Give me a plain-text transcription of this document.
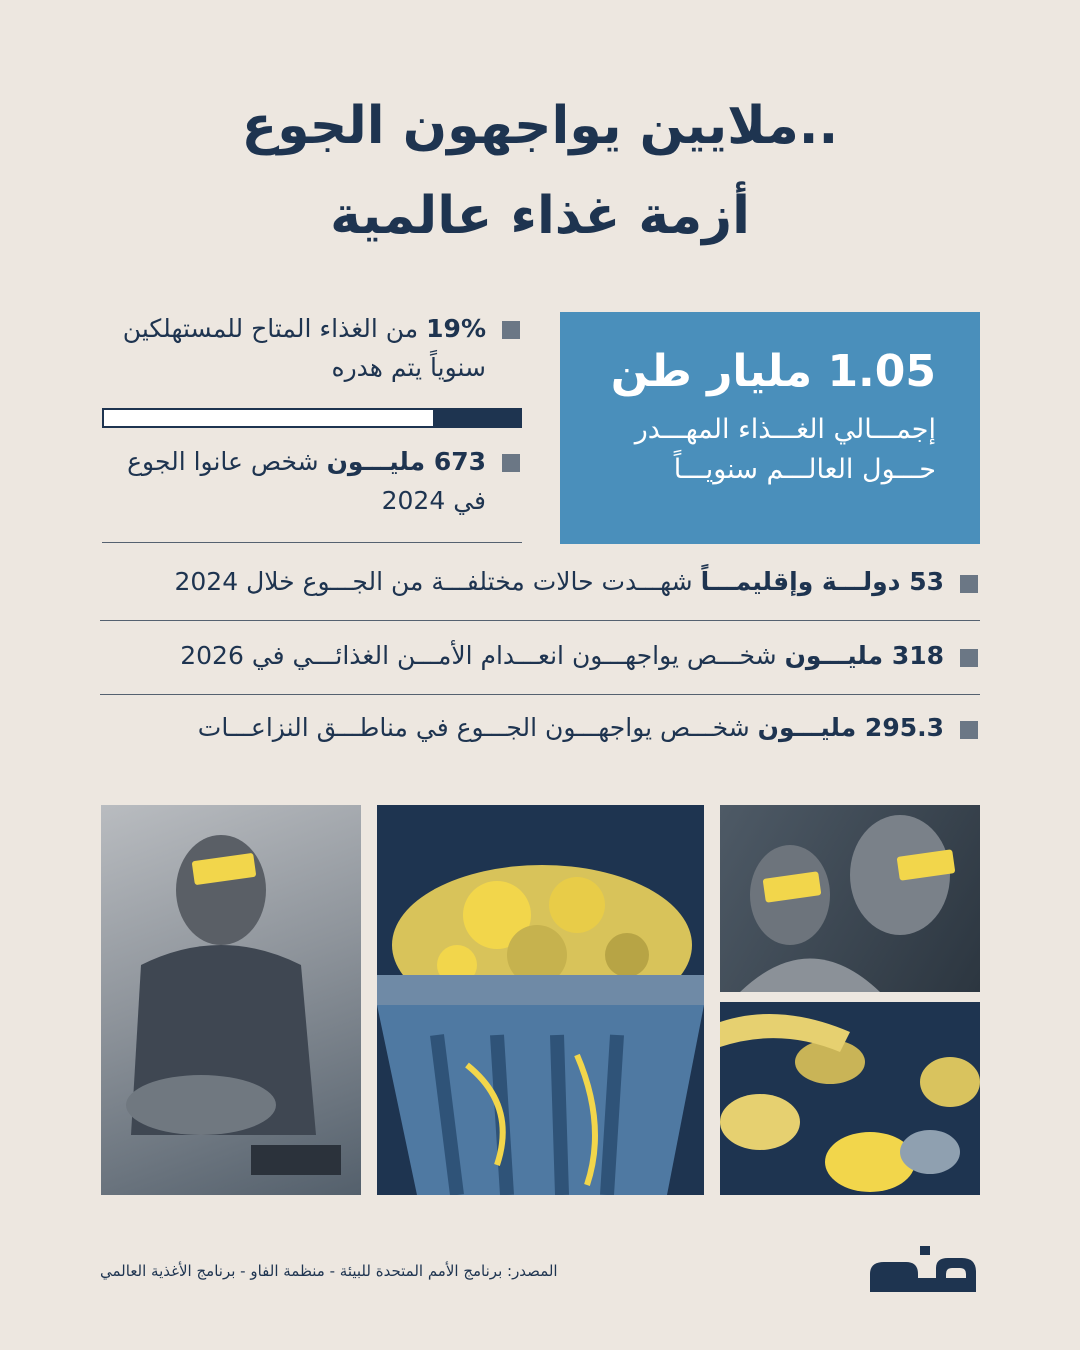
ملايين يواجهون الجوع..
أزمة غذاء عالمية
1.05 مليار طن
إجمـــالي الغـــذاء المهـــدر
حـــول العالـــم سنويـــاً
19% من الغذاء المتاح للمستهلكين
سنوياً يتم هدره
673 مليـــون شخص عانوا الجوع
في 2024
53 دولـــة وإقليمـــاً شهـــدت حالات مختلفـــة من الجـــوع خلال 2024
318 مليـــون شخـــص يواجهـــون انعـــدام الأمـــن الغذائـــي في 2026
295.3 مليـــون شخـــص يواجهـــون الجـــوع في مناطـــق النزاعـــات
المصدر: برنامج الأمم المتحدة للبيئة - منظمة الفاو - برنامج الأغذية العالمي
